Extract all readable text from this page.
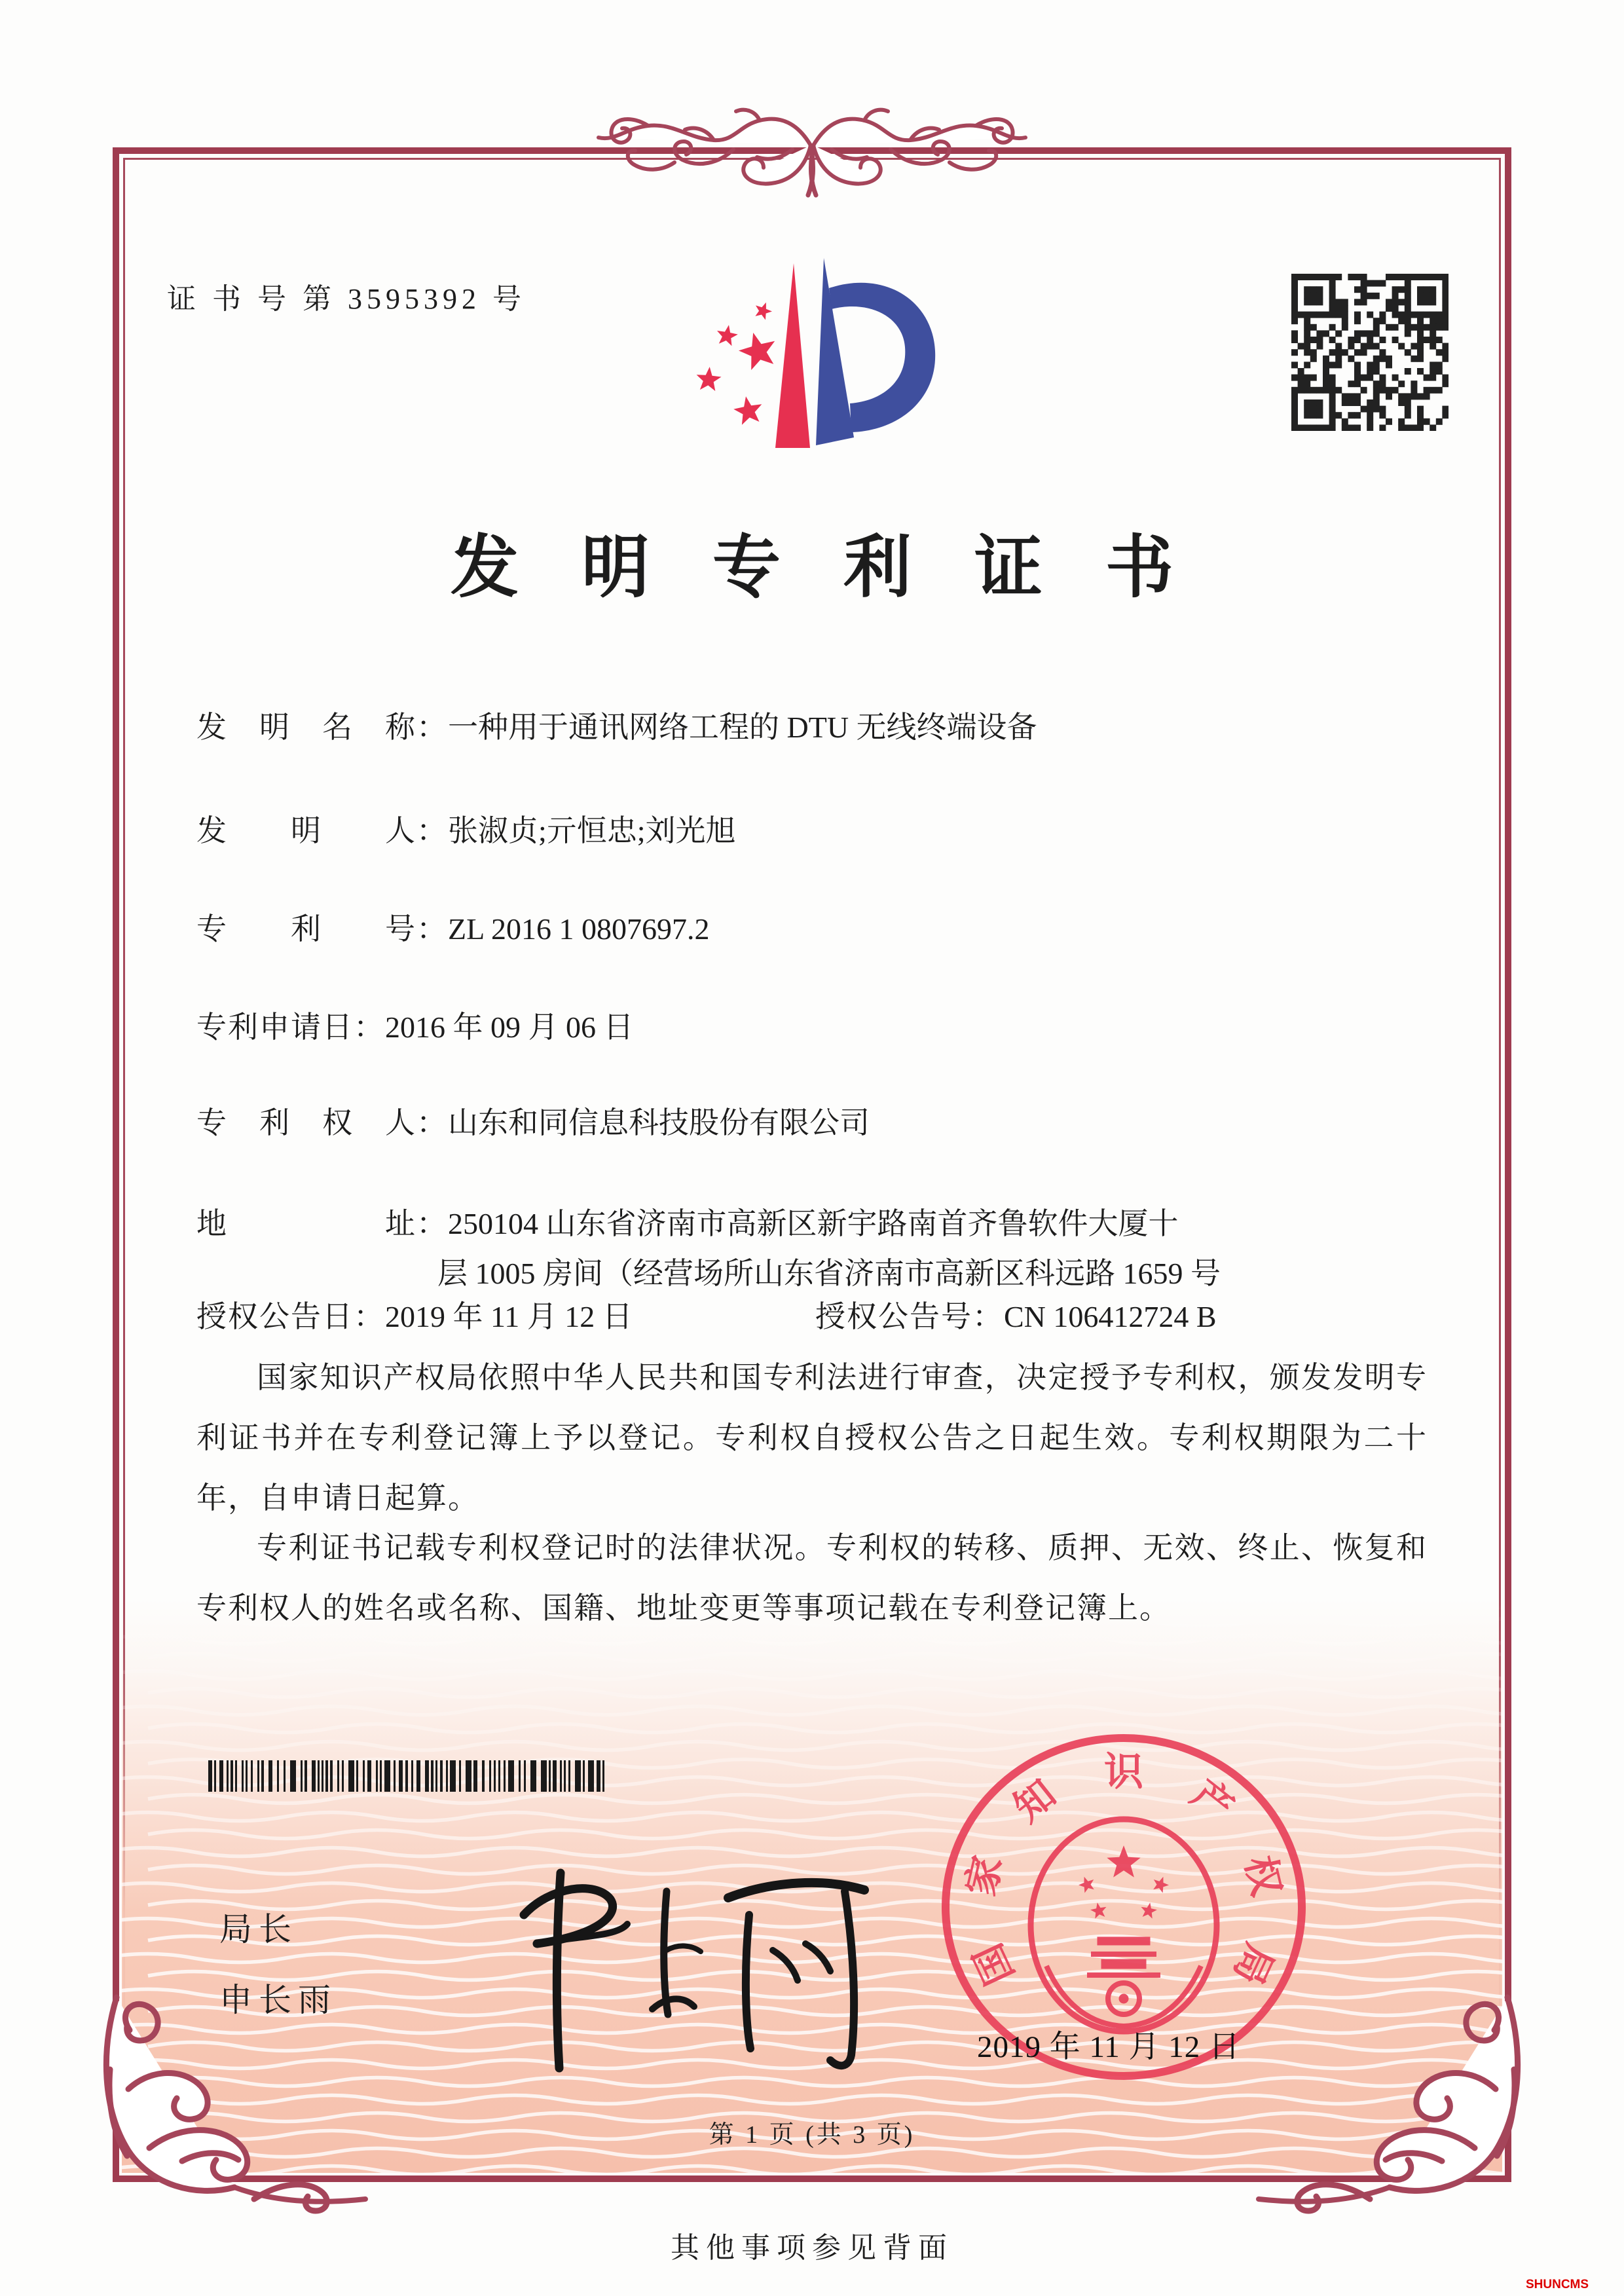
证 书 号 第 3595392 号
发明专利证书
发　明　名　称：一种用于通讯网络工程的 DTU 无线终端设备
发　　明　　人：张淑贞;亓恒忠;刘光旭
专　　利　　号：ZL 2016 1 0807697.2
专利申请日：2016 年 09 月 06 日
专　利　权　人：山东和同信息科技股份有限公司
地　　　　　址：250104 山东省济南市高新区新宇路南首齐鲁软件大厦十
层 1005 房间（经营场所山东省济南市高新区科远路 1659 号
授权公告日：2019 年 11 月 12 日	授权公告号：CN 106412724 B
国家知识产权局依照中华人民共和国专利法进行审查，决定授予专利权，颁发发明专利证书并在专利登记簿上予以登记。专利权自授权公告之日起生效。专利权期限为二十年，自申请日起算。
专利证书记载专利权登记时的法律状况。专利权的转移、质押、无效、终止、恢复和专利权人的姓名或名称、国籍、地址变更等事项记载在专利登记簿上。
局长
申长雨
国
家
知 识 产
权
局
2019 年 11 月 12 日
第 1 页 (共 3 页)
其他事项参见背面
SHUNCMS
